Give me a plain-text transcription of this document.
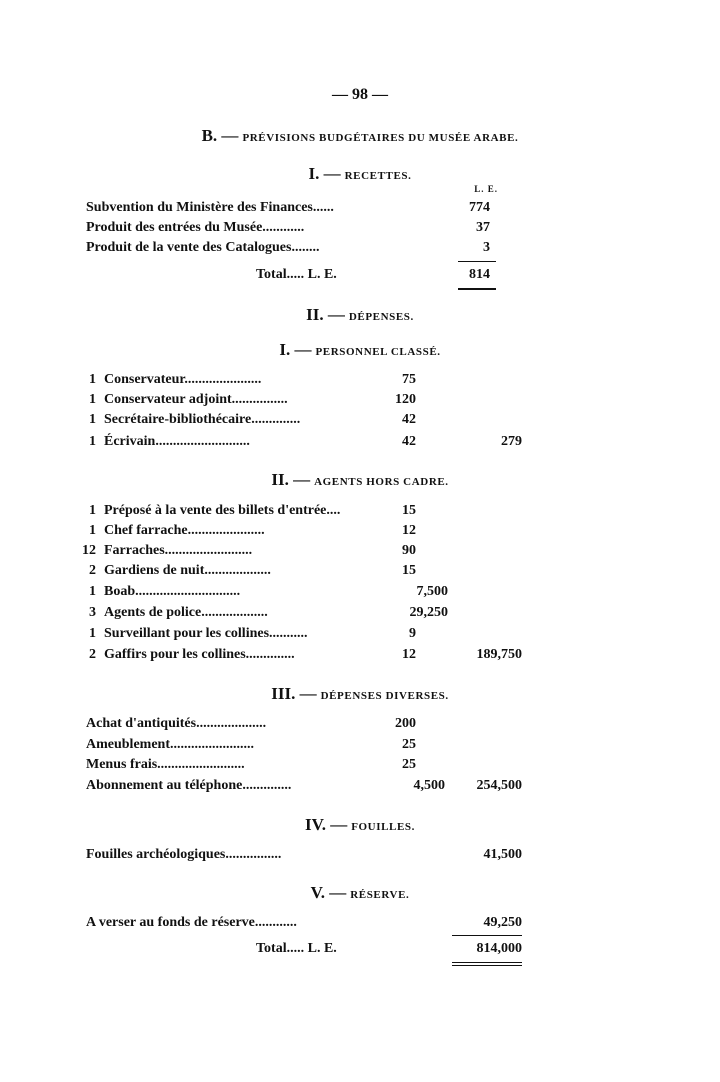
— 98 —
B. — PRÉVISIONS BUDGÉTAIRES DU MUSÉE ARABE.
I. — RECETTES.
L. E.
Subvention du Ministère des Finances......	774
Produit des entrées du Musée............	37
Produit de la vente des Catalogues........	3
Total..... L. E.	814
II. — DÉPENSES.
I. — PERSONNEL CLASSÉ.
1 Conservateur......................	75
1 Conservateur adjoint................	120
1 Secrétaire-bibliothécaire..............	42
1 Écrivain...........................	42	279
II. — AGENTS HORS CADRE.
1 Préposé à la vente des billets d'entrée....	15
1 Chef farrache......................	12
12 Farraches.........................	90
2 Gardiens de nuit...................	15
1 Boab..............................	7,500
3 Agents de police...................	29,250
1 Surveillant pour les collines...........	9
2 Gaffirs pour les collines..............	12	189,750
III. — DÉPENSES DIVERSES.
Achat d'antiquités....................	200
Ameublement........................	25
Menus frais.........................	25
Abonnement au téléphone..............	4,500	254,500
IV. — FOUILLES.
Fouilles archéologiques................	41,500
V. — RÉSERVE.
A verser au fonds de réserve............	49,250
Total..... L. E.	814,000
